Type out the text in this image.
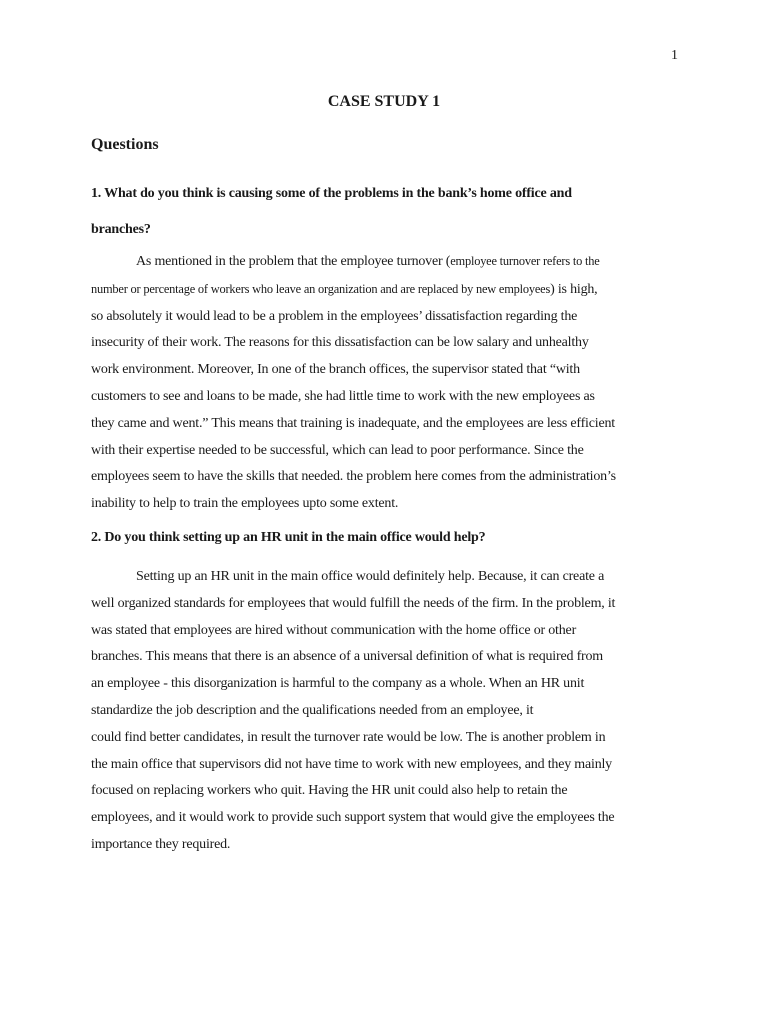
1
CASE STUDY 1
Questions

1. What do you think is causing some of the problems in the bank’s home office and
branches?

As mentioned in the problem that the employee turnover (employee turnover refers to the
number or percentage of workers who leave an organization and are replaced by new employees) is high,
so absolutely it would lead to be a problem in the employees’ dissatisfaction regarding the
insecurity of their work. The reasons for this dissatisfaction can be low salary and unhealthy
work environment. Moreover, In one of the branch offices, the supervisor stated that “with
customers to see and loans to be made, she had little time to work with the new employees as
they came and went.” This means that training is inadequate, and the employees are less efficient
with their expertise needed to be successful, which can lead to poor performance. Since the
employees seem to have the skills that needed. the problem here comes from the administration’s
inability to help to train the employees upto some extent.

2. Do you think setting up an HR unit in the main office would help?

Setting up an HR unit in the main office would definitely help. Because, it can create a
well organized standards for employees that would fulfill the needs of the firm. In the problem, it
was stated that employees are hired without communication with the home office or other
branches. This means that there is an absence of a universal definition of what is required from
an employee - this disorganization is harmful to the company as a whole. When an HR unit
standardize the job description and the qualifications needed from an employee, it
could find better candidates, in result the turnover rate would be low. The is another problem in
the main office that supervisors did not have time to work with new employees, and they mainly
focused on replacing workers who quit. Having the HR unit could also help to retain the
employees, and it would work to provide such support system that would give the employees the
importance they required.
